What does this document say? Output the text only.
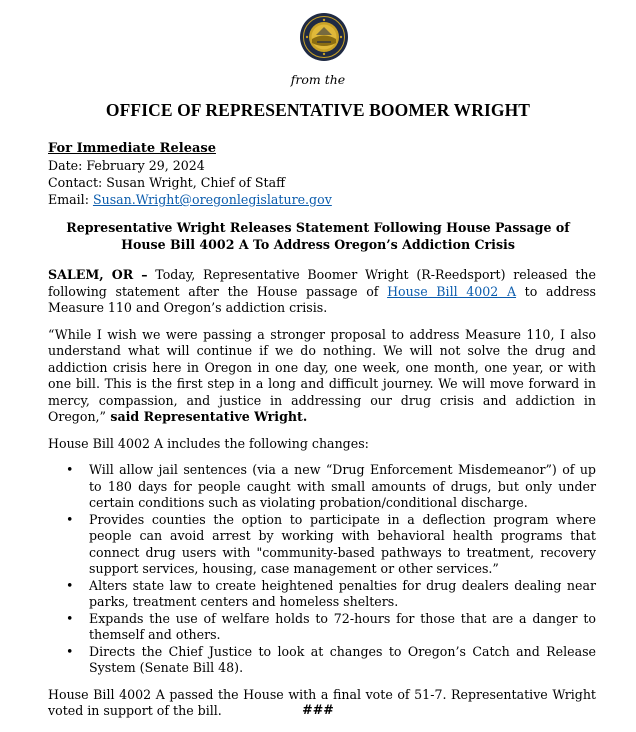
from the
OFFICE OF REPRESENTATIVE BOOMER WRIGHT
For Immediate Release
Date: February 29, 2024
Contact: Susan Wright, Chief of Staff
Email: Susan.Wright@oregonlegislature.gov
Representative Wright Releases Statement Following House Passage of
House Bill 4002 A To Address Oregon’s Addiction Crisis

SALEM, OR – Today, Representative Boomer Wright (R-Reedsport) released the following statement after the House passage of House Bill 4002 A to address Measure 110 and Oregon’s addiction crisis.

“While I wish we were passing a stronger proposal to address Measure 110, I also understand what will continue if we do nothing. We will not solve the drug and addiction crisis here in Oregon in one day, one week, one month, one year, or with one bill. This is the first step in a long and difficult journey. We will move forward in mercy, compassion, and justice in addressing our drug crisis and addiction in Oregon,” said Representative Wright.

House Bill 4002 A includes the following changes:

• Will allow jail sentences (via a new “Drug Enforcement Misdemeanor”) of up to 180 days for people caught with small amounts of drugs, but only under certain conditions such as violating probation/conditional discharge.
• Provides counties the option to participate in a deflection program where people can avoid arrest by working with behavioral health programs that connect drug users with "community-based pathways to treatment, recovery support services, housing, case management or other services.”
• Alters state law to create heightened penalties for drug dealers dealing near parks, treatment centers and homeless shelters.
• Expands the use of welfare holds to 72-hours for those that are a danger to themself and others.
• Directs the Chief Justice to look at changes to Oregon’s Catch and Release System (Senate Bill 48).

House Bill 4002 A passed the House with a final vote of 51-7. Representative Wright voted in support of the bill.	###
